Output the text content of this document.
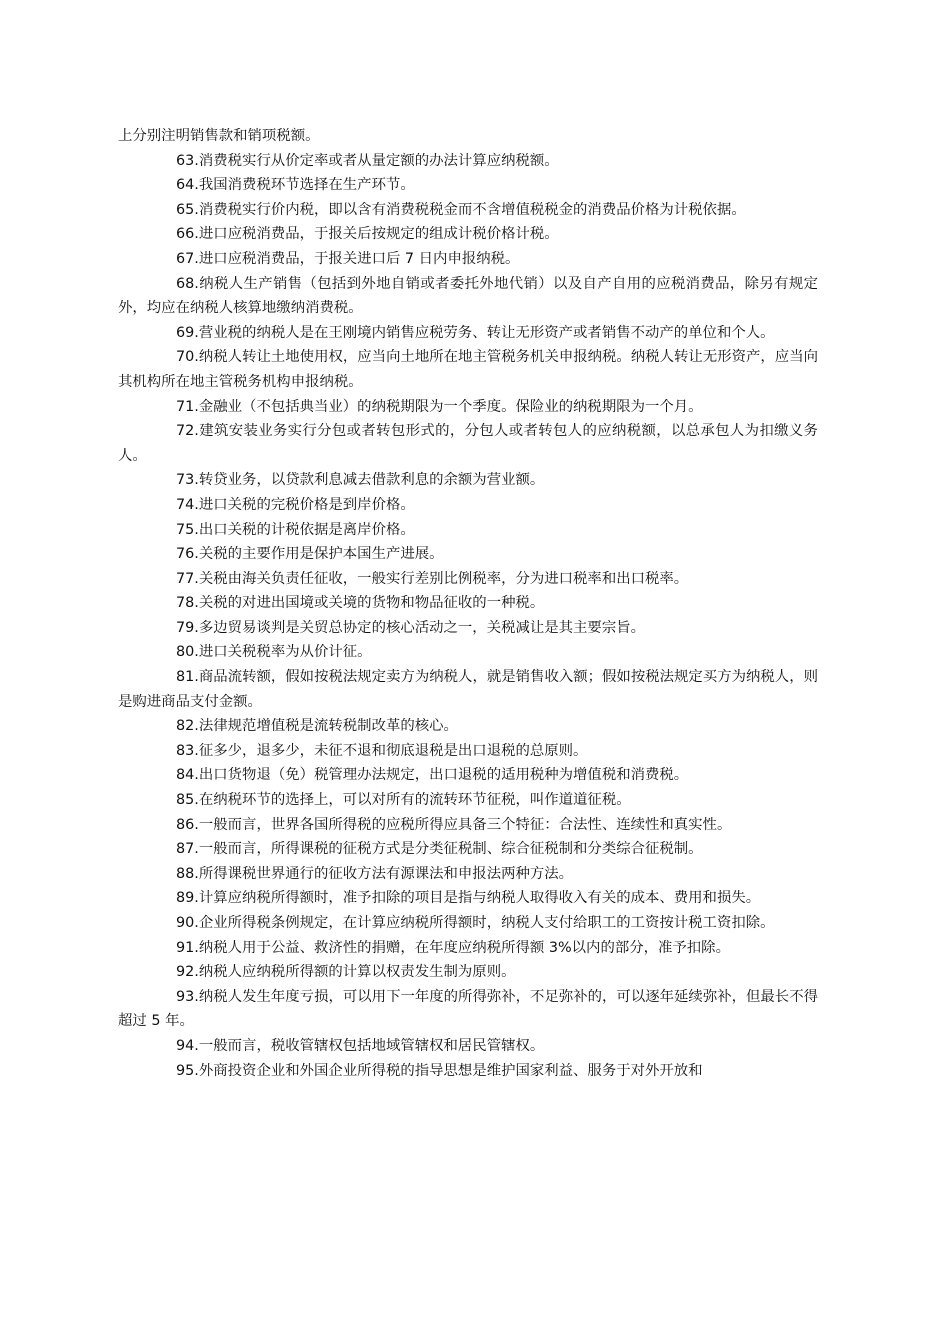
上分别注明销售款和销项税额。

63.消费税实行从价定率或者从量定额的办法计算应纳税额。

64.我国消费税环节选择在生产环节。

65.消费税实行价内税，即以含有消费税税金而不含增值税税金的消费品价格为计税依据。

66.进口应税消费品，于报关后按规定的组成计税价格计税。

67.进口应税消费品，于报关进口后 7 日内申报纳税。

68.纳税人生产销售（包括到外地自销或者委托外地代销）以及自产自用的应税消费品，除另有规定外，均应在纳税人核算地缴纳消费税。

69.营业税的纳税人是在王刚境内销售应税劳务、转让无形资产或者销售不动产的单位和个人。

70.纳税人转让土地使用权，应当向土地所在地主管税务机关申报纳税。纳税人转让无形资产，应当向其机构所在地主管税务机构申报纳税。

71.金融业（不包括典当业）的纳税期限为一个季度。保险业的纳税期限为一个月。

72.建筑安装业务实行分包或者转包形式的，分包人或者转包人的应纳税额，以总承包人为扣缴义务人。

73.转贷业务，以贷款利息减去借款利息的余额为营业额。

74.进口关税的完税价格是到岸价格。

75.出口关税的计税依据是离岸价格。

76.关税的主要作用是保护本国生产进展。

77.关税由海关负责任征收，一般实行差别比例税率，分为进口税率和出口税率。

78.关税的对进出国境或关境的货物和物品征收的一种税。

79.多边贸易谈判是关贸总协定的核心活动之一，关税减让是其主要宗旨。

80.进口关税税率为从价计征。

81.商品流转额，假如按税法规定卖方为纳税人，就是销售收入额；假如按税法规定买方为纳税人，则是购进商品支付金额。

82.法律规范增值税是流转税制改革的核心。

83.征多少，退多少，未征不退和彻底退税是出口退税的总原则。

84.出口货物退（免）税管理办法规定，出口退税的适用税种为增值税和消费税。

85.在纳税环节的选择上，可以对所有的流转环节征税，叫作道道征税。

86.一般而言，世界各国所得税的应税所得应具备三个特征：合法性、连续性和真实性。

87.一般而言，所得课税的征税方式是分类征税制、综合征税制和分类综合征税制。

88.所得课税世界通行的征收方法有源课法和申报法两种方法。

89.计算应纳税所得额时，准予扣除的项目是指与纳税人取得收入有关的成本、费用和损失。

90.企业所得税条例规定，在计算应纳税所得额时，纳税人支付给职工的工资按计税工资扣除。

91.纳税人用于公益、救济性的捐赠，在年度应纳税所得额 3%以内的部分，准予扣除。

92.纳税人应纳税所得额的计算以权责发生制为原则。

93.纳税人发生年度亏损，可以用下一年度的所得弥补，不足弥补的，可以逐年延续弥补，但最长不得超过 5 年。

94.一般而言，税收管辖权包括地域管辖权和居民管辖权。

95.外商投资企业和外国企业所得税的指导思想是维护国家利益、服务于对外开放和
